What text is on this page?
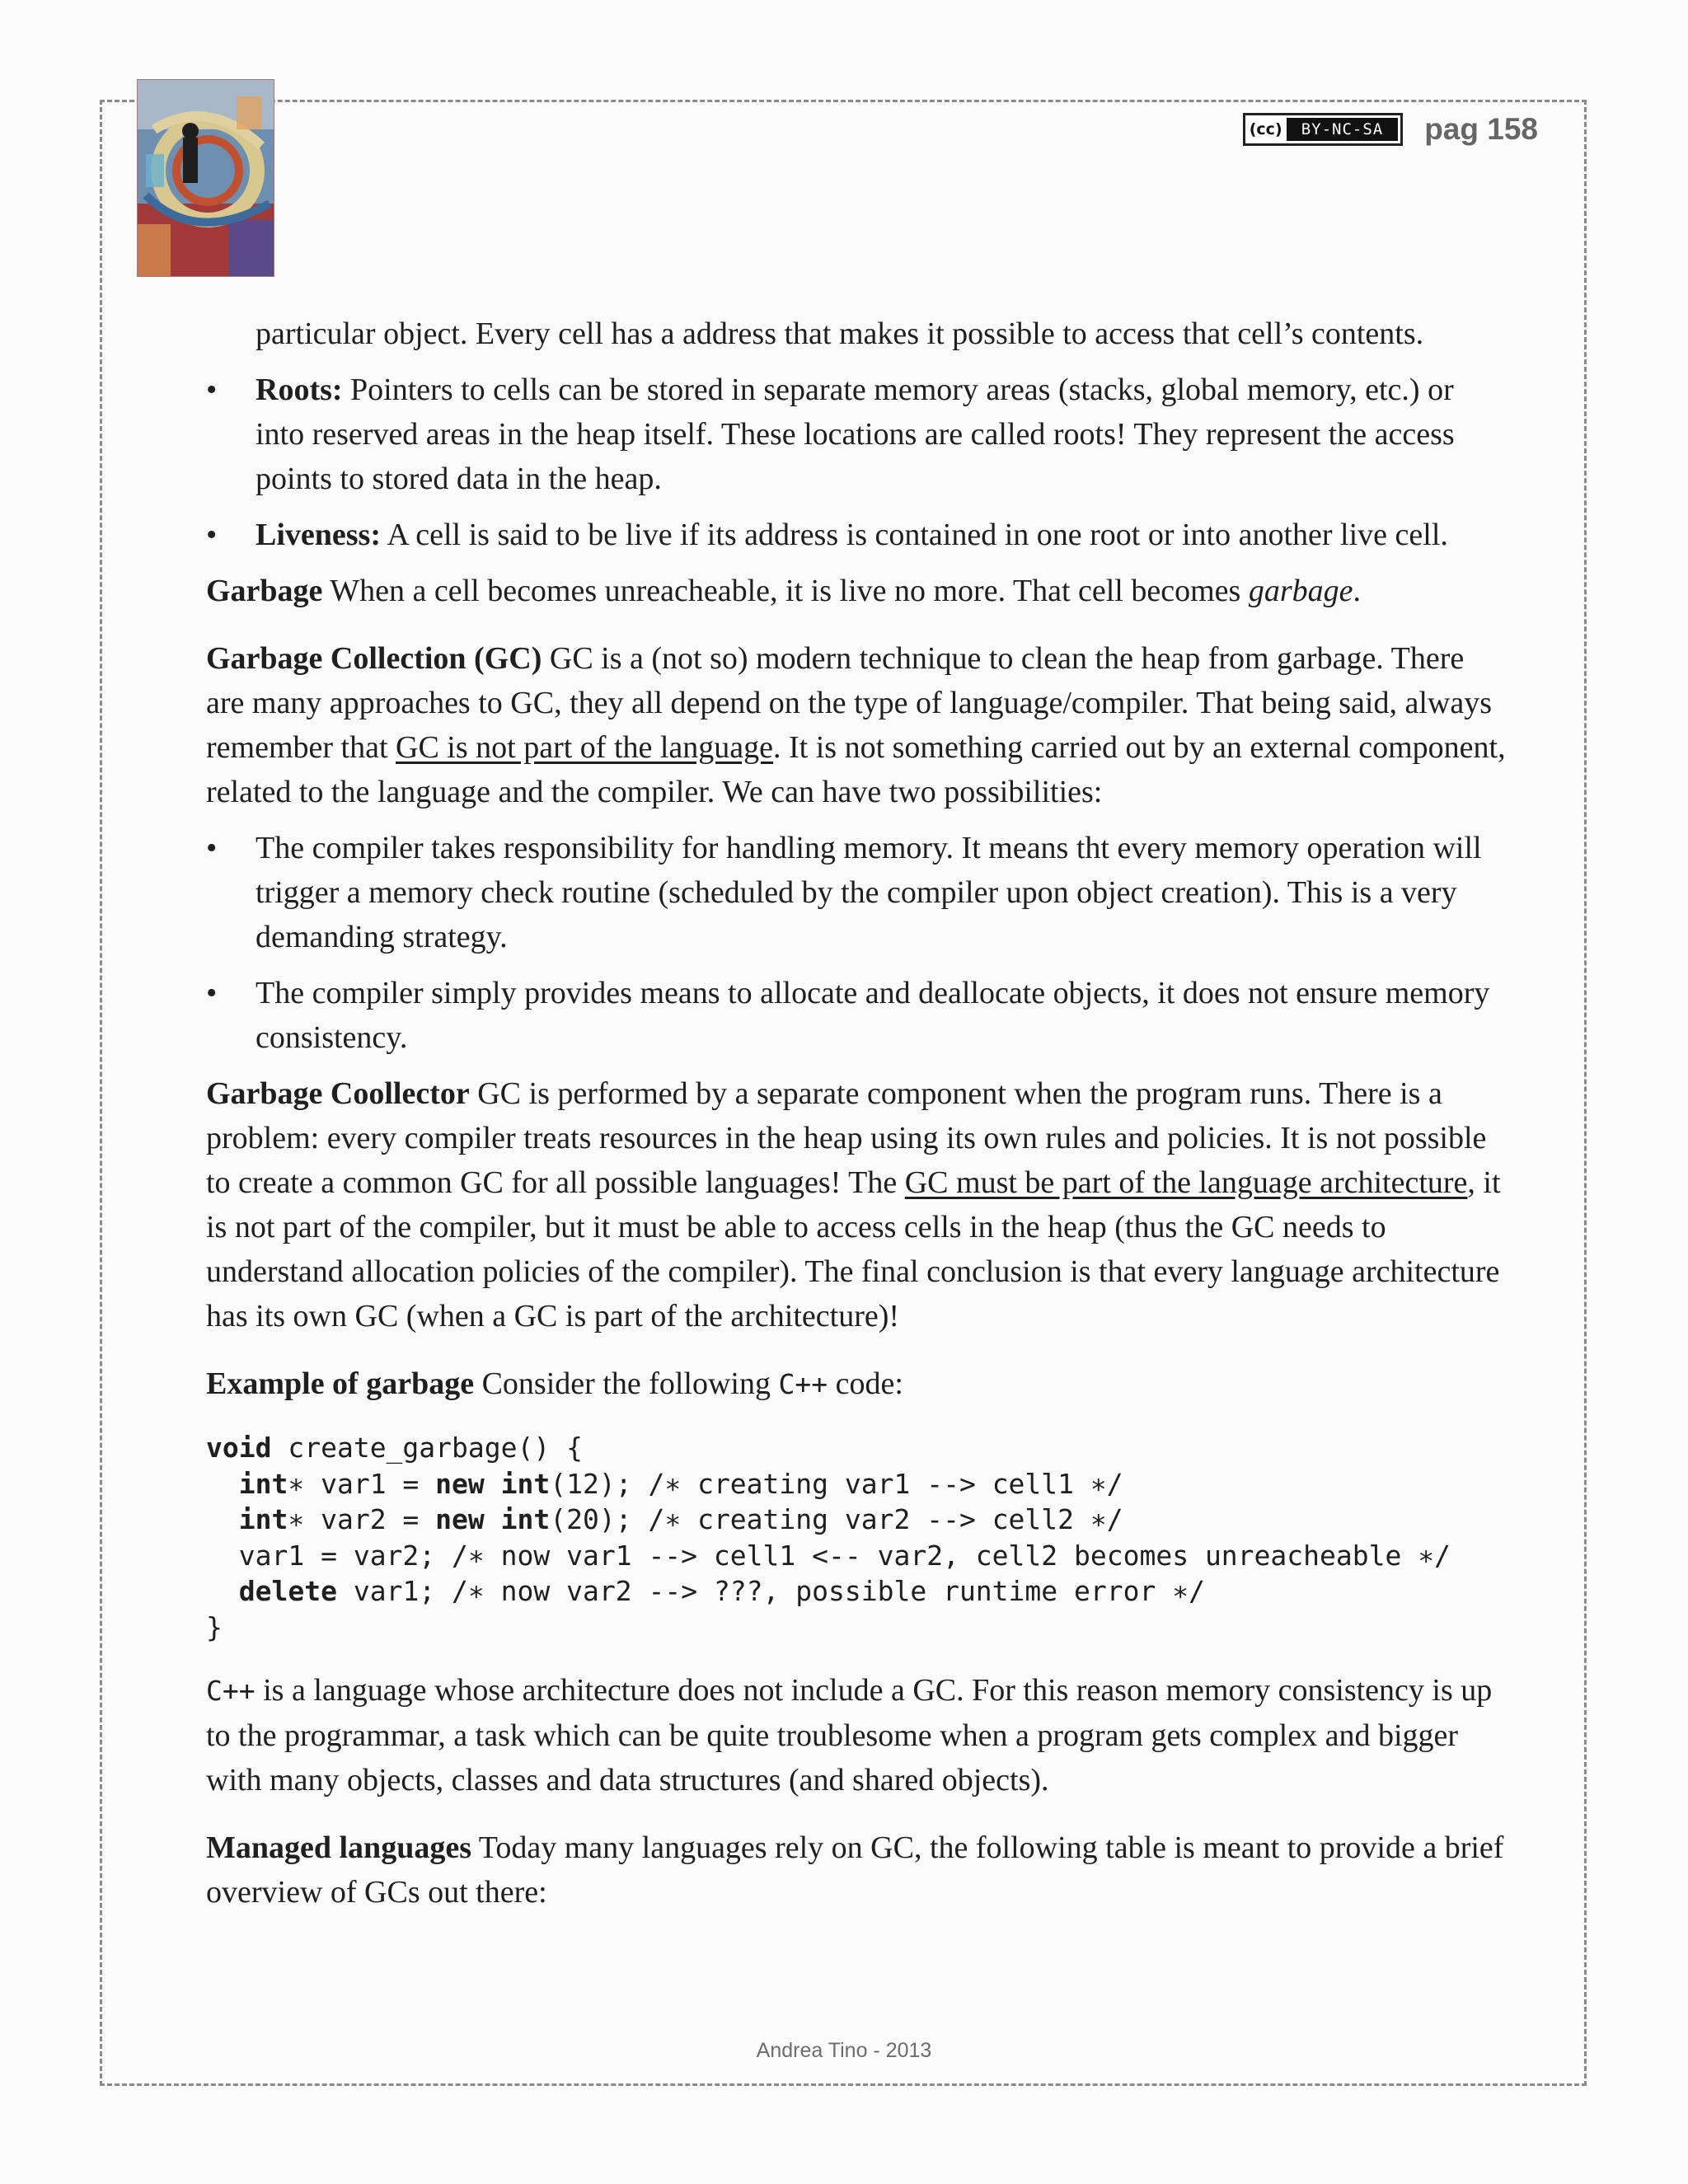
(cc)	BY-NC-SA	pag 158

particular object. Every cell has a address that makes it possible to access that cell’s contents.

• Roots: Pointers to cells can be stored in separate memory areas (stacks, global memory, etc.) or into reserved areas in the heap itself. These locations are called roots! They represent the access points to stored data in the heap.
• Liveness: A cell is said to be live if its address is contained in one root or into another live cell.

Garbage When a cell becomes unreacheable, it is live no more. That cell becomes garbage.

Garbage Collection (GC) GC is a (not so) modern technique to clean the heap from garbage. There are many approaches to GC, they all depend on the type of language/compiler. That being said, always remember that GC is not part of the language. It is not something carried out by an external component, related to the language and the compiler. We can have two possibilities:

• The compiler takes responsibility for handling memory. It means tht every memory operation will trigger a memory check routine (scheduled by the compiler upon object creation). This is a very demanding strategy.
• The compiler simply provides means to allocate and deallocate objects, it does not ensure memory consistency.

Garbage Coollector GC is performed by a separate component when the program runs. There is a problem: every compiler treats resources in the heap using its own rules and policies. It is not possible to create a common GC for all possible languages! The GC must be part of the language architecture, it is not part of the compiler, but it must be able to access cells in the heap (thus the GC needs to understand allocation policies of the compiler). The final conclusion is that every language architecture has its own GC (when a GC is part of the architecture)!

Example of garbage Consider the following C++ code:

void create_garbage() {
int∗ var1 = new int(12); /∗ creating var1 --> cell1 ∗/
int∗ var2 = new int(20); /∗ creating var2 --> cell2 ∗/
var1 = var2; /∗ now var1 --> cell1 <-- var2, cell2 becomes unreacheable ∗/
delete var1; /∗ now var2 --> ???, possible runtime error ∗/
}

C++ is a language whose architecture does not include a GC. For this reason memory consistency is up to the programmar, a task which can be quite troublesome when a program gets complex and bigger with many objects, classes and data structures (and shared objects).

Managed languages Today many languages rely on GC, the following table is meant to provide a brief overview of GCs out there:

Andrea Tino - 2013
